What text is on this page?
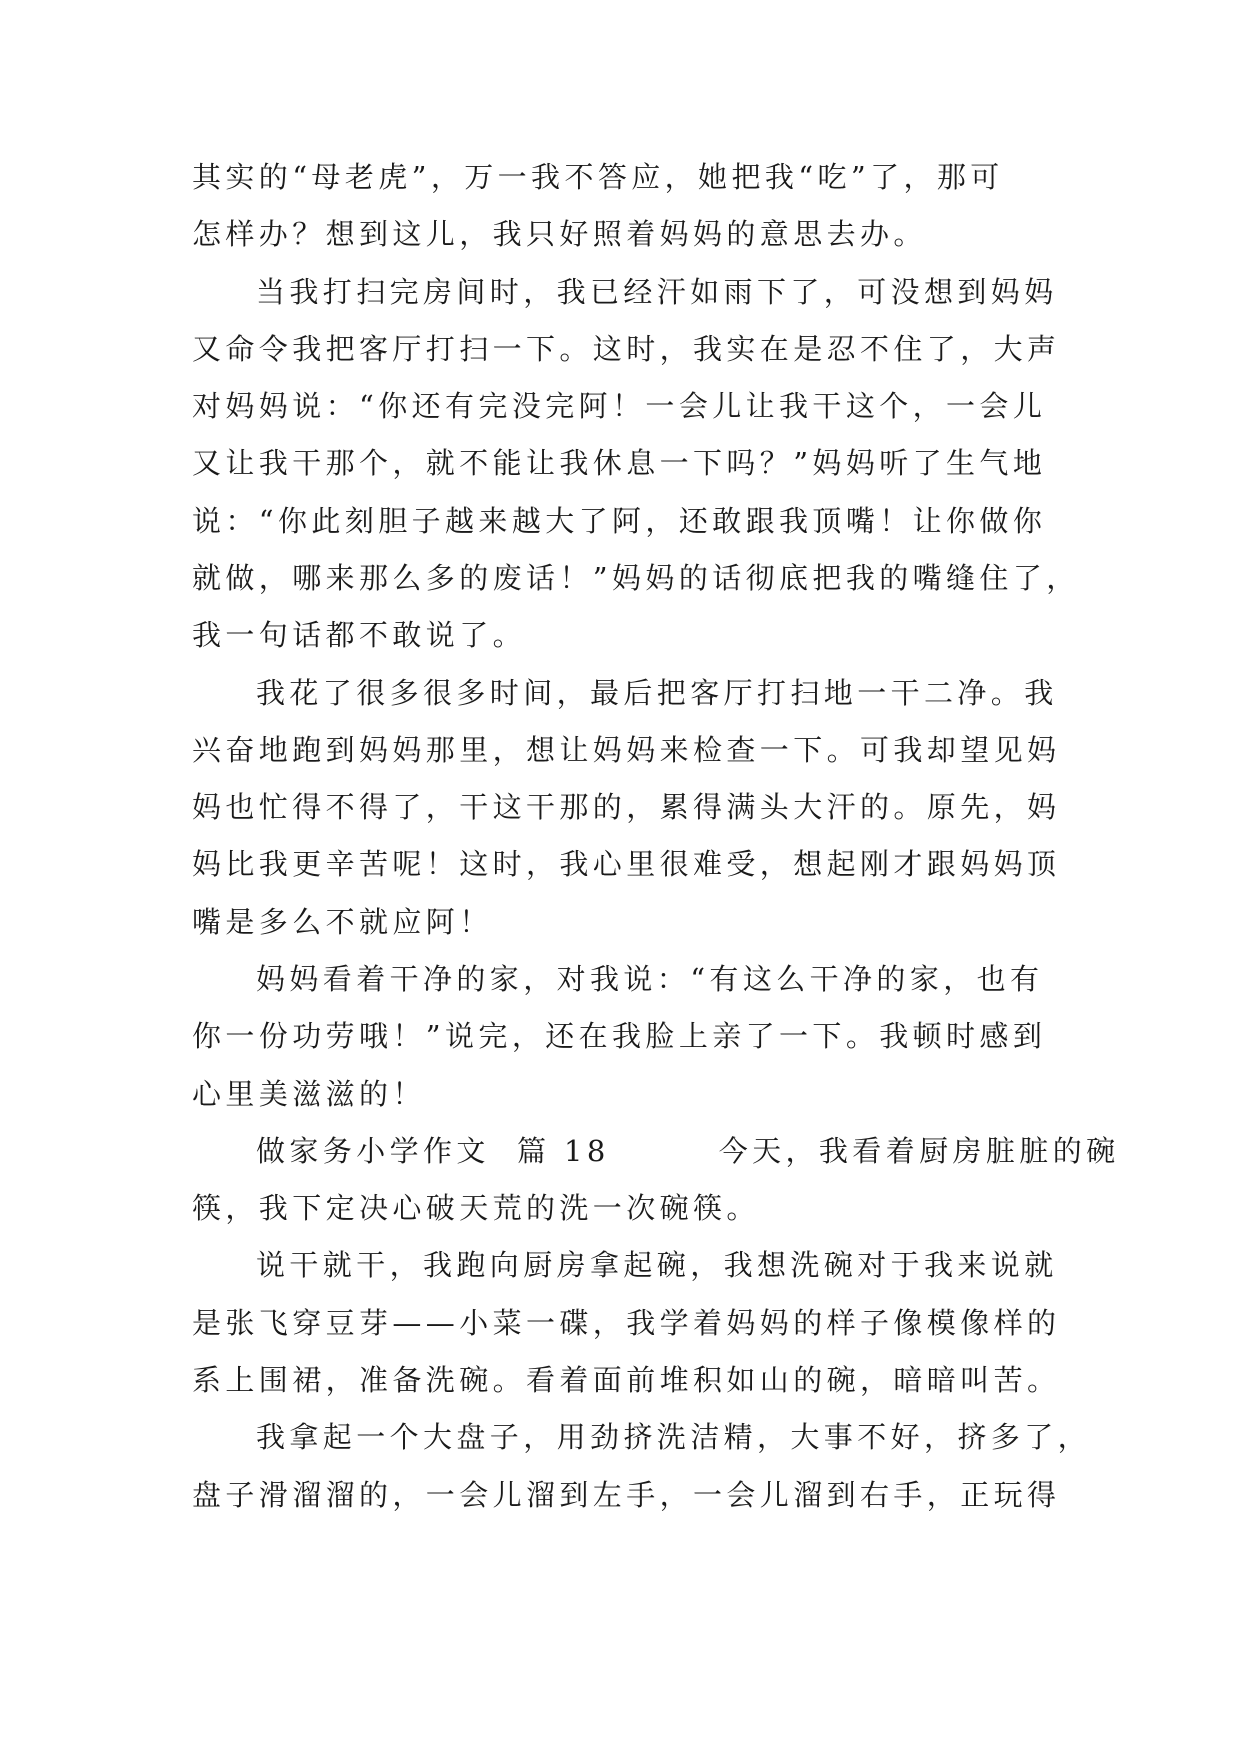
其实的“母老虎”，万一我不答应，她把我“吃”了，那可
怎样办？想到这儿，我只好照着妈妈的意思去办。
当我打扫完房间时，我已经汗如雨下了，可没想到妈妈
又命令我把客厅打扫一下。这时，我实在是忍不住了，大声
对妈妈说：“你还有完没完阿！一会儿让我干这个，一会儿
又让我干那个，就不能让我休息一下吗？”妈妈听了生气地
说：“你此刻胆子越来越大了阿，还敢跟我顶嘴！让你做你
就做，哪来那么多的废话！”妈妈的话彻底把我的嘴缝住了，
我一句话都不敢说了。
我花了很多很多时间，最后把客厅打扫地一干二净。我
兴奋地跑到妈妈那里，想让妈妈来检查一下。可我却望见妈
妈也忙得不得了，干这干那的，累得满头大汗的。原先，妈
妈比我更辛苦呢！这时，我心里很难受，想起刚才跟妈妈顶
嘴是多么不就应阿！
妈妈看着干净的家，对我说：“有这么干净的家，也有
你一份功劳哦！”说完，还在我脸上亲了一下。我顿时感到
心里美滋滋的！
做家务小学作文  篇 18        今天，我看着厨房脏脏的碗
筷，我下定决心破天荒的洗一次碗筷。
说干就干，我跑向厨房拿起碗，我想洗碗对于我来说就
是张飞穿豆芽——小菜一碟，我学着妈妈的样子像模像样的
系上围裙，准备洗碗。看着面前堆积如山的碗，暗暗叫苦。
我拿起一个大盘子，用劲挤洗洁精，大事不好，挤多了，
盘子滑溜溜的，一会儿溜到左手，一会儿溜到右手，正玩得
